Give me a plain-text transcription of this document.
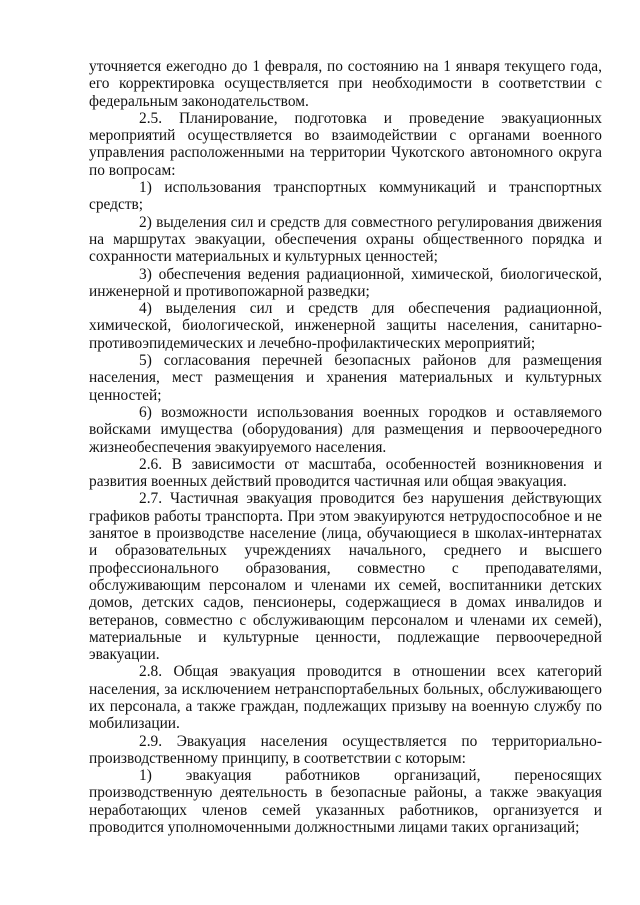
уточняется ежегодно до 1 февраля, по состоянию на 1 января текущего года, его корректировка осуществляется при необходимости в соответствии с федеральным законодательством.

2.5. Планирование, подготовка и проведение эвакуационных мероприятий осуществляется во взаимодействии с органами военного управления расположенными на территории Чукотского автономного округа по вопросам:

1) использования транспортных коммуникаций и транспортных средств;

2) выделения сил и средств для совместного регулирования движения на маршрутах эвакуации, обеспечения охраны общественного порядка и сохранности материальных и культурных ценностей;

3) обеспечения ведения радиационной, химической, биологической, инженерной и противопожарной разведки;

4) выделения сил и средств для обеспечения радиационной, химической, биологической, инженерной защиты населения, санитарно-противоэпидемических и лечебно-профилактических мероприятий;

5) согласования перечней безопасных районов для размещения населения, мест размещения и хранения материальных и культурных ценностей;

6) возможности использования военных городков и оставляемого войсками имущества (оборудования) для размещения и первоочередного жизнеобеспечения эвакуируемого населения.

2.6. В зависимости от масштаба, особенностей возникновения и развития военных действий проводится частичная или общая эвакуация.

2.7. Частичная эвакуация проводится без нарушения действующих графиков работы транспорта. При этом эвакуируются нетрудоспособное и не занятое в производстве население (лица, обучающиеся в школах-интернатах и образовательных учреждениях начального, среднего и высшего профессионального образования, совместно с преподавателями, обслуживающим персоналом и членами их семей, воспитанники детских домов, детских садов, пенсионеры, содержащиеся в домах инвалидов и ветеранов, совместно с обслуживающим персоналом и членами их семей), материальные и культурные ценности, подлежащие первоочередной эвакуации.

2.8. Общая эвакуация проводится в отношении всех категорий населения, за исключением нетранспортабельных больных, обслуживающего их персонала, а также граждан, подлежащих призыву на военную службу по мобилизации.

2.9. Эвакуация населения осуществляется по территориально-производственному принципу, в соответствии с которым:

1) эвакуация работников организаций, переносящих производственную деятельность в безопасные районы, а также эвакуация неработающих членов семей указанных работников, организуется и проводится уполномоченными должностными лицами таких организаций;
